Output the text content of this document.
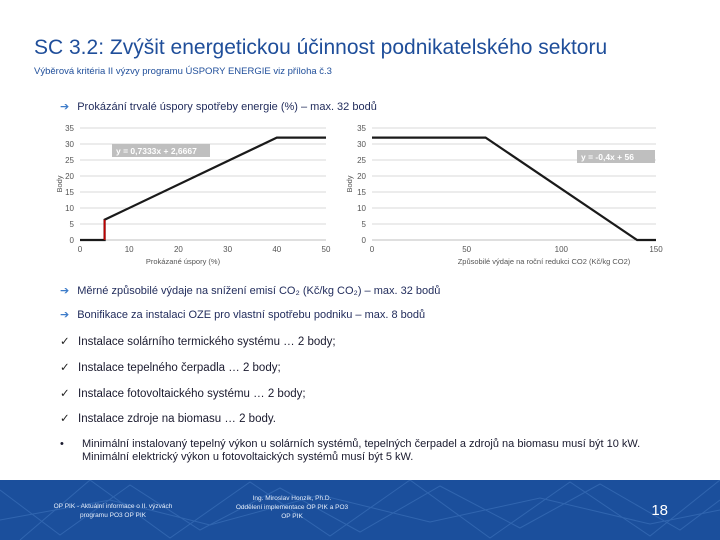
SC 3.2: Zvýšit energetickou účinnost podnikatelského sektoru
Výběrová kritéria II výzvy programu ÚSPORY ENERGIE viz příloha č.3
➔ Prokázání trvalé úspory spotřeby energie (%) – max. 32 bodů
0
5
10
15
20
25
30
35
0	10	20	30	40	50
Prokázané úspory (%)
Body
y = 0,7333x + 2,6667
0
5
10
15
20
25
30
35
0	50	100	150
Způsobilé výdaje na roční redukci CO2 (Kč/kg CO2)
Body
y = -0,4x + 56
➔ Měrné způsobilé výdaje na snížení emisí CO₂ (Kč/kg CO₂) – max. 32 bodů
➔ Bonifikace za instalaci OZE pro vlastní spotřebu podniku – max. 8 bodů
✓ Instalace solárního termického systému … 2 body;
✓ Instalace tepelného čerpadla … 2 body;
✓ Instalace fotovoltaického systému … 2 body;
✓ Instalace zdroje na biomasu … 2 body.
• Minimální instalovaný tepelný výkon u solárních systémů, tepelných čerpadel a zdrojů na biomasu musí být 10 kW. Minimální elektrický výkon u fotovoltaických systémů musí být 5 kW.
OP PIK - Aktuální informace o II. výzvách
programu PO3 OP PIK
Ing. Miroslav Honzík, Ph.D.
Oddělení implementace OP PIK a PO3
OP PIK	18
